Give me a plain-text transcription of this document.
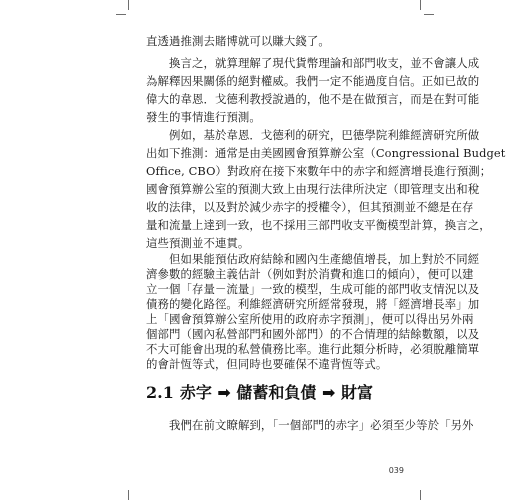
直透過推測去賭博就可以賺大錢了。

換言之，就算理解了現代貨幣理論和部門收支，並不會讓人成

為解釋因果關係的絕對權威。我們一定不能過度自信。正如已故的

偉大的韋恩．戈德利教授說過的，他不是在做預言，而是在對可能

發生的事情進行預測。

例如，基於韋恩．戈德利的研究，巴德學院利維經濟研究所做

出如下推測：通常是由美國國會預算辦公室（Congressional Budget

Office, CBO）對政府在接下來數年中的赤字和經濟增長進行預測；

國會預算辦公室的預測大致上由現行法律所決定（即管理支出和稅

收的法律，以及對於減少赤字的授權令），但其預測並不總是在存

量和流量上達到一致，也不採用三部門收支平衡模型計算，換言之，

這些預測並不連貫。

但如果能預估政府結餘和國內生產總值增長，加上對於不同經

濟參數的經驗主義估計（例如對於消費和進口的傾向），便可以建

立一個「存量－流量」一致的模型，生成可能的部門收支情況以及

債務的變化路徑。利維經濟研究所經常發現，將「經濟增長率」加

上「國會預算辦公室所使用的政府赤字預測」，便可以得出另外兩

個部門（國內私營部門和國外部門）的不合情理的結餘數額，以及

不大可能會出現的私營債務比率。進行此類分析時，必須脫離簡單

的會計恆等式，但同時也要確保不違背恆等式。

2.1 赤字 ➡ 儲蓄和負債 ➡ 財富

我們在前文瞭解到，「一個部門的赤字」必須至少等於「另外

039
